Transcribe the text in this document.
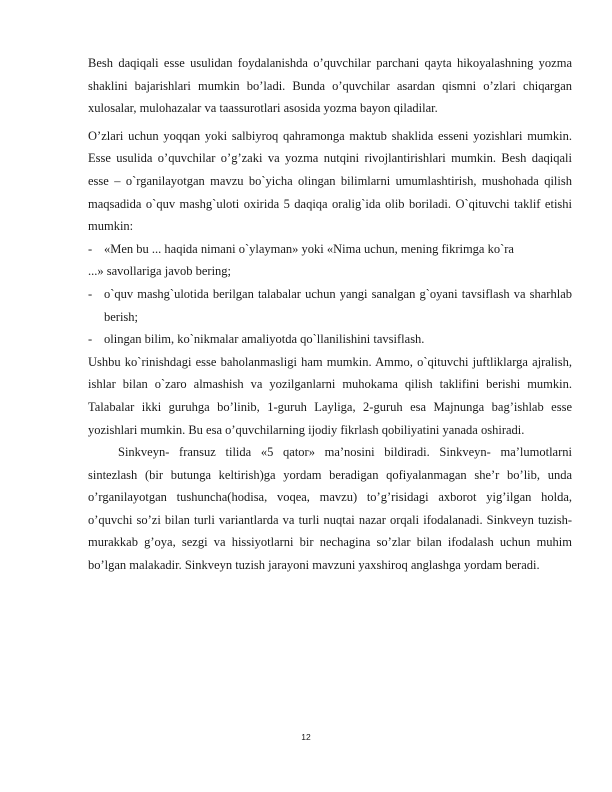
Besh daqiqali esse usulidan foydalanishda o’quvchilar parchani qayta hikoyalashning yozma shaklini bajarishlari mumkin bo’ladi. Bunda o’quvchilar asardan qismni o’zlari chiqargan xulosalar, mulohazalar va taassurotlari asosida yozma bayon qiladilar.

O’zlari uchun yoqqan yoki salbiyroq qahramonga maktub shaklida esseni yozishlari mumkin. Esse usulida o’quvchilar o’g’zaki va yozma nutqini rivojlantirishlari mumkin. Besh daqiqali esse – o`rganilayotgan mavzu bo`yicha olingan bilimlarni umumlashtirish, mushohada qilish maqsadida o`quv mashg`uloti oxirida 5 daqiqa oralig`ida olib boriladi. O`qituvchi taklif etishi mumkin:

- «Men bu ... haqida nimani o`ylayman» yoki «Nima uchun, mening fikrimga ko`ra

...» savollariga javob bering;

- o`quv mashg`ulotida berilgan talabalar uchun yangi sanalgan g`oyani tavsiflash va sharhlab berish;
- olingan bilim, ko`nikmalar amaliyotda qo`llanilishini tavsiflash.

Ushbu ko`rinishdagi esse baholanmasligi ham mumkin. Ammo, o`qituvchi juftliklarga ajralish, ishlar bilan o`zaro almashish va yozilganlarni muhokama qilish taklifini berishi mumkin. Talabalar ikki guruhga bo’linib, 1-guruh Layliga, 2-guruh esa Majnunga bag’ishlab esse yozishlari mumkin. Bu esa o’quvchilarning ijodiy fikrlash qobiliyatini yanada oshiradi.

Sinkveyn- fransuz tilida «5 qator» ma’nosini bildiradi. Sinkveyn- ma’lumotlarni sintezlash (bir butunga keltirish)ga yordam beradigan qofiyalanmagan she’r bo’lib, unda o’rganilayotgan tushuncha(hodisa, voqea, mavzu) to’g’risidagi axborot yig’ilgan holda, o’quvchi so’zi bilan turli variantlarda va turli nuqtai nazar orqali ifodalanadi. Sinkveyn tuzish- murakkab g’oya, sezgi va hissiyotlarni bir nechagina so’zlar bilan ifodalash uchun muhim bo’lgan malakadir. Sinkveyn tuzish jarayoni mavzuni yaxshiroq anglashga yordam beradi.

12
